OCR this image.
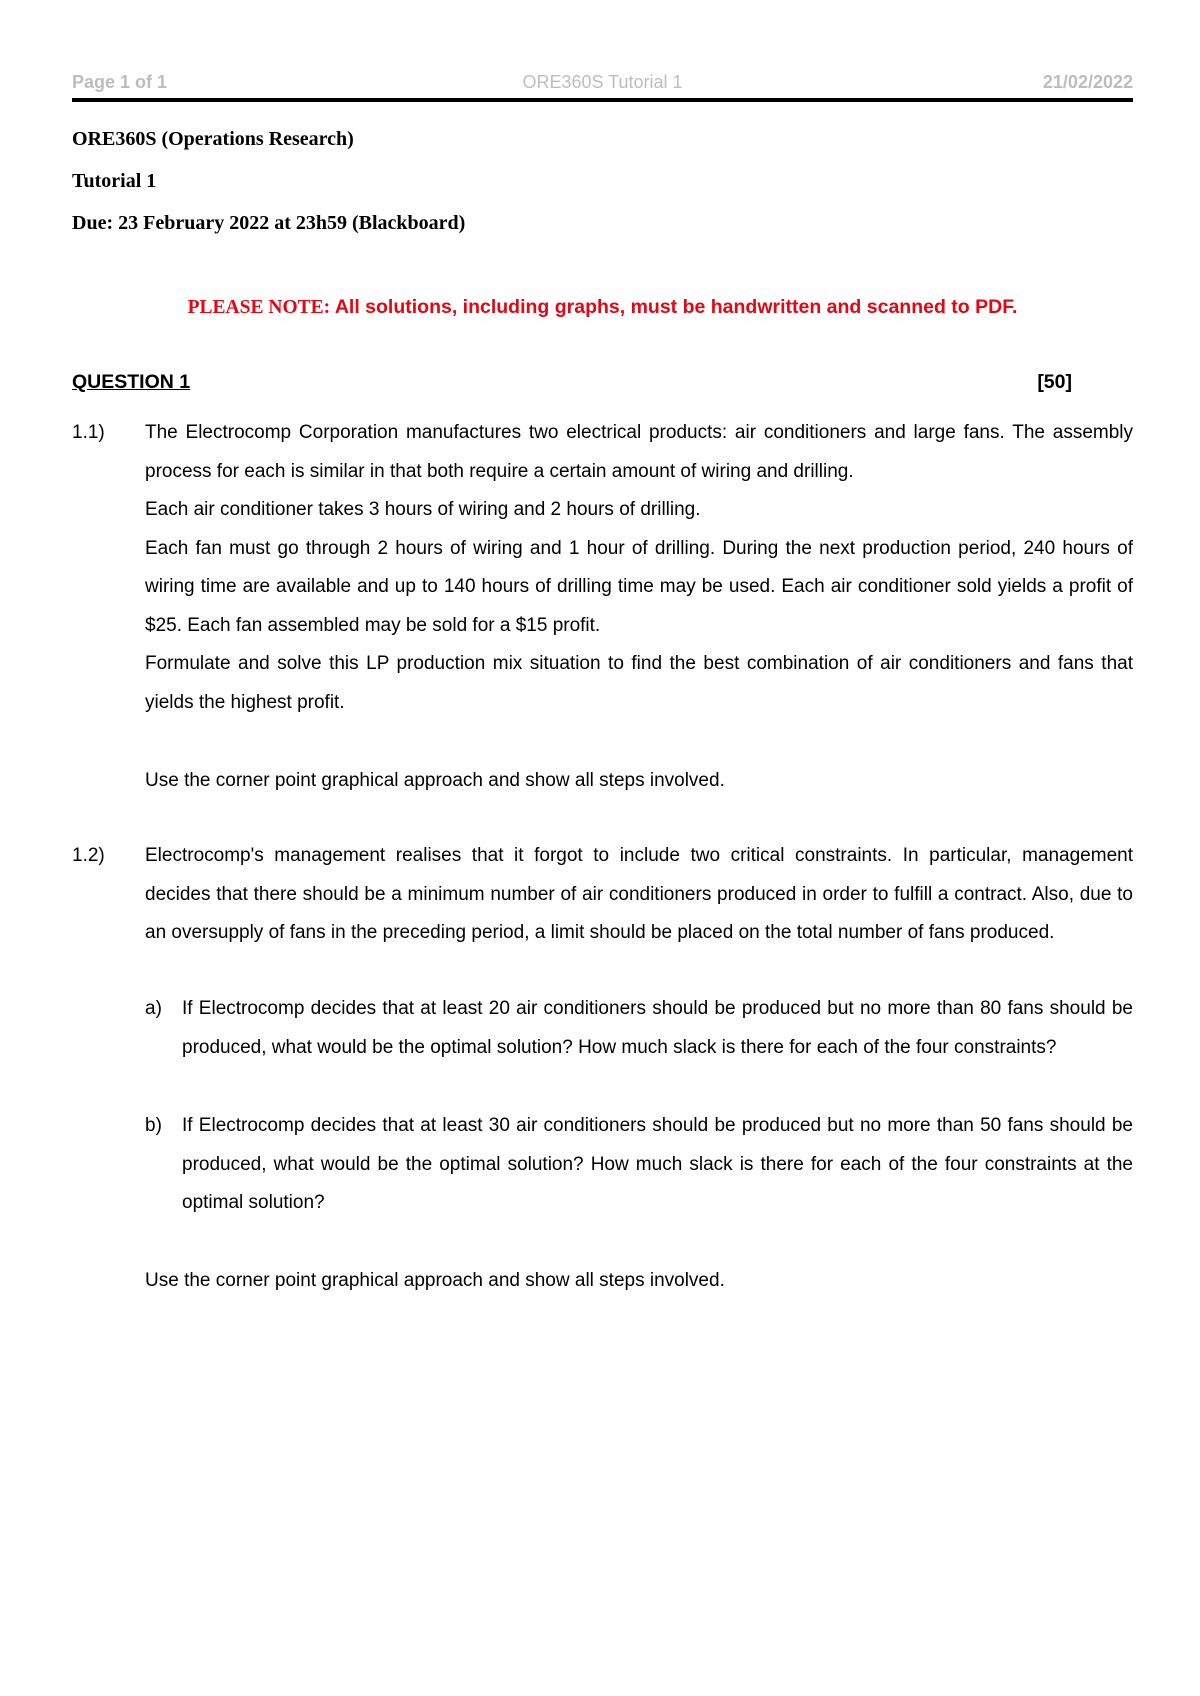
Page 1 of 1	ORE360S Tutorial 1	21/02/2022
ORE360S (Operations Research)
Tutorial 1
Due: 23 February 2022 at 23h59 (Blackboard)
PLEASE NOTE: All solutions, including graphs, must be handwritten and scanned to PDF.
QUESTION 1	[50]
1.1) The Electrocomp Corporation manufactures two electrical products: air conditioners and large fans. The assembly process for each is similar in that both require a certain amount of wiring and drilling.

Each air conditioner takes 3 hours of wiring and 2 hours of drilling.

Each fan must go through 2 hours of wiring and 1 hour of drilling. During the next production period, 240 hours of wiring time are available and up to 140 hours of drilling time may be used. Each air conditioner sold yields a profit of $25. Each fan assembled may be sold for a $15 profit.

Formulate and solve this LP production mix situation to find the best combination of air conditioners and fans that yields the highest profit.

Use the corner point graphical approach and show all steps involved.
1.2) Electrocomp's management realises that it forgot to include two critical constraints. In particular, management decides that there should be a minimum number of air conditioners produced in order to fulfill a contract. Also, due to an oversupply of fans in the preceding period, a limit should be placed on the total number of fans produced.

a) If Electrocomp decides that at least 20 air conditioners should be produced but no more than 80 fans should be produced, what would be the optimal solution? How much slack is there for each of the four constraints?
b) If Electrocomp decides that at least 30 air conditioners should be produced but no more than 50 fans should be produced, what would be the optimal solution? How much slack is there for each of the four constraints at the optimal solution?
Use the corner point graphical approach and show all steps involved.
